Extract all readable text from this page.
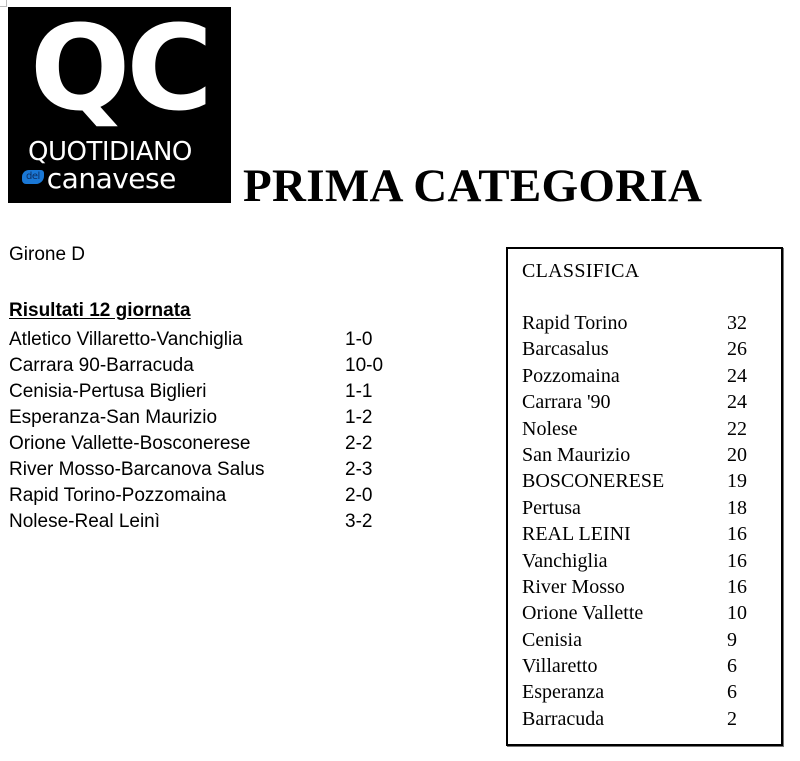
QC
QUOTIDIANO
del canavese	PRIMA CATEGORIA
Girone D
Risultati 12 giornata
Atletico Villaretto-Vanchiglia	1-0
Carrara 90-Barracuda	10-0
Cenisia-Pertusa Biglieri	1-1
Esperanza-San Maurizio	1-2
Orione Vallette-Bosconerese	2-2
River Mosso-Barcanova Salus	2-3
Rapid Torino-Pozzomaina	2-0
Nolese-Real Leinì	3-2
CLASSIFICA
Rapid Torino	32
Barcasalus	26
Pozzomaina	24
Carrara '90	24
Nolese	22
San Maurizio	20
BOSCONERESE	19
Pertusa	18
REAL LEINI	16
Vanchiglia	16
River Mosso	16
Orione Vallette	10
Cenisia	9
Villaretto	6
Esperanza	6
Barracuda	2
